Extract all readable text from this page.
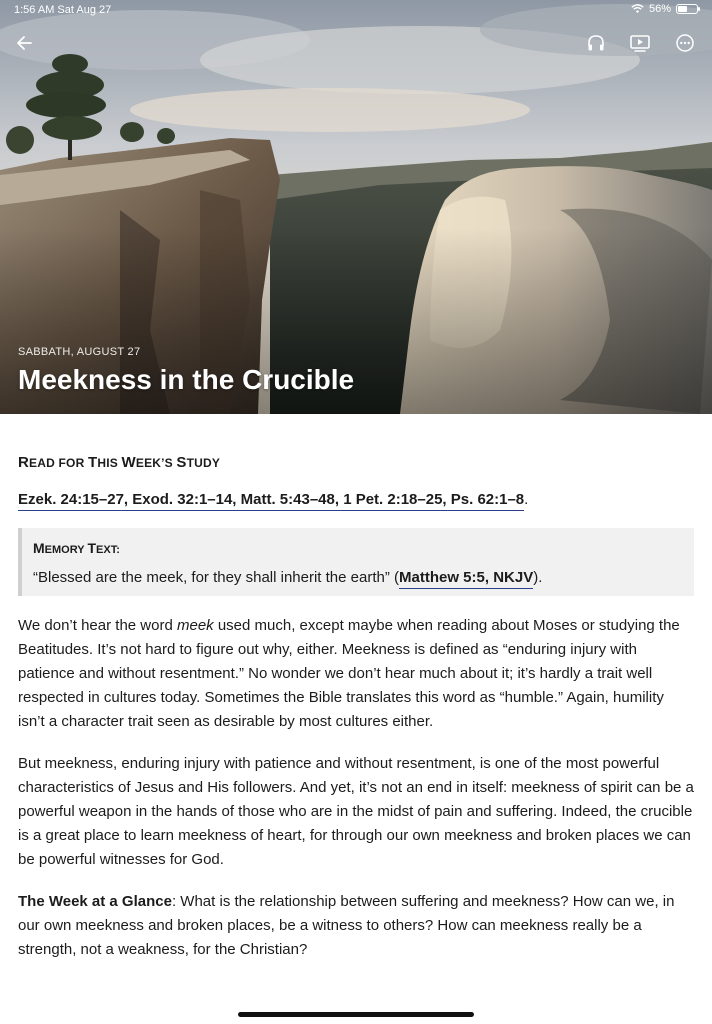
1:56 AM Sat Aug 27	56%
SABBATH, AUGUST 27
Meekness in the Crucible
READ FOR THIS WEEK’S STUDY
Ezek. 24:15–27, Exod. 32:1–14, Matt. 5:43–48, 1 Pet. 2:18–25, Ps. 62:1–8.
MEMORY TEXT:
“Blessed are the meek, for they shall inherit the earth” (Matthew 5:5, NKJV).
We don’t hear the word meek used much, except maybe when reading about Moses or studying the Beatitudes. It’s not hard to figure out why, either. Meekness is defined as “enduring injury with patience and without resentment.” No wonder we don’t hear much about it; it’s hardly a trait well respected in cultures today. Sometimes the Bible translates this word as “humble.” Again, humility isn’t a character trait seen as desirable by most cultures either.
But meekness, enduring injury with patience and without resentment, is one of the most powerful characteristics of Jesus and His followers. And yet, it’s not an end in itself: meekness of spirit can be a powerful weapon in the hands of those who are in the midst of pain and suffering. Indeed, the crucible is a great place to learn meekness of heart, for through our own meekness and broken places we can be powerful witnesses for God.
The Week at a Glance: What is the relationship between suffering and meekness? How can we, in our own meekness and broken places, be a witness to others? How can meekness really be a strength, not a weakness, for the Christian?
